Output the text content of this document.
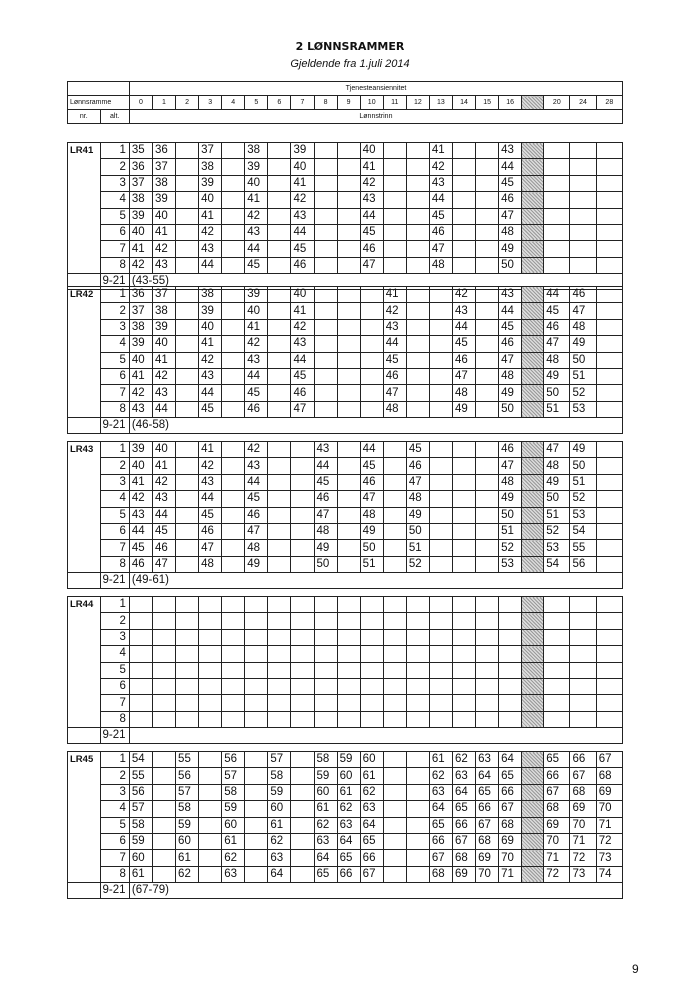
2 LØNNSRAMMER
Gjeldende fra 1.juli 2014
		Tjenesteansiennitet																				
Lønnsramme		0	1	2	3	4	5	6	7	8	9	10	11	12	13	14	15	16		20	24	28
nr.	alt.	Lønnstrinn																				
LR41	1	35	36		37		38		39			40			41			43				
	2	36	37		38		39		40			41			42			44				
	3	37	38		39		40		41			42			43			45				
	4	38	39		40		41		42			43			44			46				
	5	39	40		41		42		43			44			45			47				
	6	40	41		42		43		44			45			46			48				
	7	41	42		43		44		45			46			47			49				
	8	42	43		44		45		46			47			48			50				
	9-21	(43-55)																				
LR42	1	36	37		38		39		40				41			42		43		44	46	
	2	37	38		39		40		41				42			43		44		45	47	
	3	38	39		40		41		42				43			44		45		46	48	
	4	39	40		41		42		43				44			45		46		47	49	
	5	40	41		42		43		44				45			46		47		48	50	
	6	41	42		43		44		45				46			47		48		49	51	
	7	42	43		44		45		46				47			48		49		50	52	
	8	43	44		45		46		47				48			49		50		51	53	
	9-21	(46-58)																				
LR43	1	39	40		41		42			43		44		45				46		47	49	
	2	40	41		42		43			44		45		46				47		48	50	
	3	41	42		43		44			45		46		47				48		49	51	
	4	42	43		44		45			46		47		48				49		50	52	
	5	43	44		45		46			47		48		49				50		51	53	
	6	44	45		46		47			48		49		50				51		52	54	
	7	45	46		47		48			49		50		51				52		53	55	
	8	46	47		48		49			50		51		52				53		54	56	
	9-21	(49-61)																				
LR44	1																					
	2																					
	3																					
	4																					
	5																					
	6																					
	7																					
	8																					
	9-21																					
LR45	1	54		55		56		57		58	59	60			61	62	63	64		65	66	67
	2	55		56		57		58		59	60	61			62	63	64	65		66	67	68
	3	56		57		58		59		60	61	62			63	64	65	66		67	68	69
	4	57		58		59		60		61	62	63			64	65	66	67		68	69	70
	5	58		59		60		61		62	63	64			65	66	67	68		69	70	71
	6	59		60		61		62		63	64	65			66	67	68	69		70	71	72
	7	60		61		62		63		64	65	66			67	68	69	70		71	72	73
	8	61		62		63		64		65	66	67			68	69	70	71		72	73	74
	9-21	(67-79)																				
9
